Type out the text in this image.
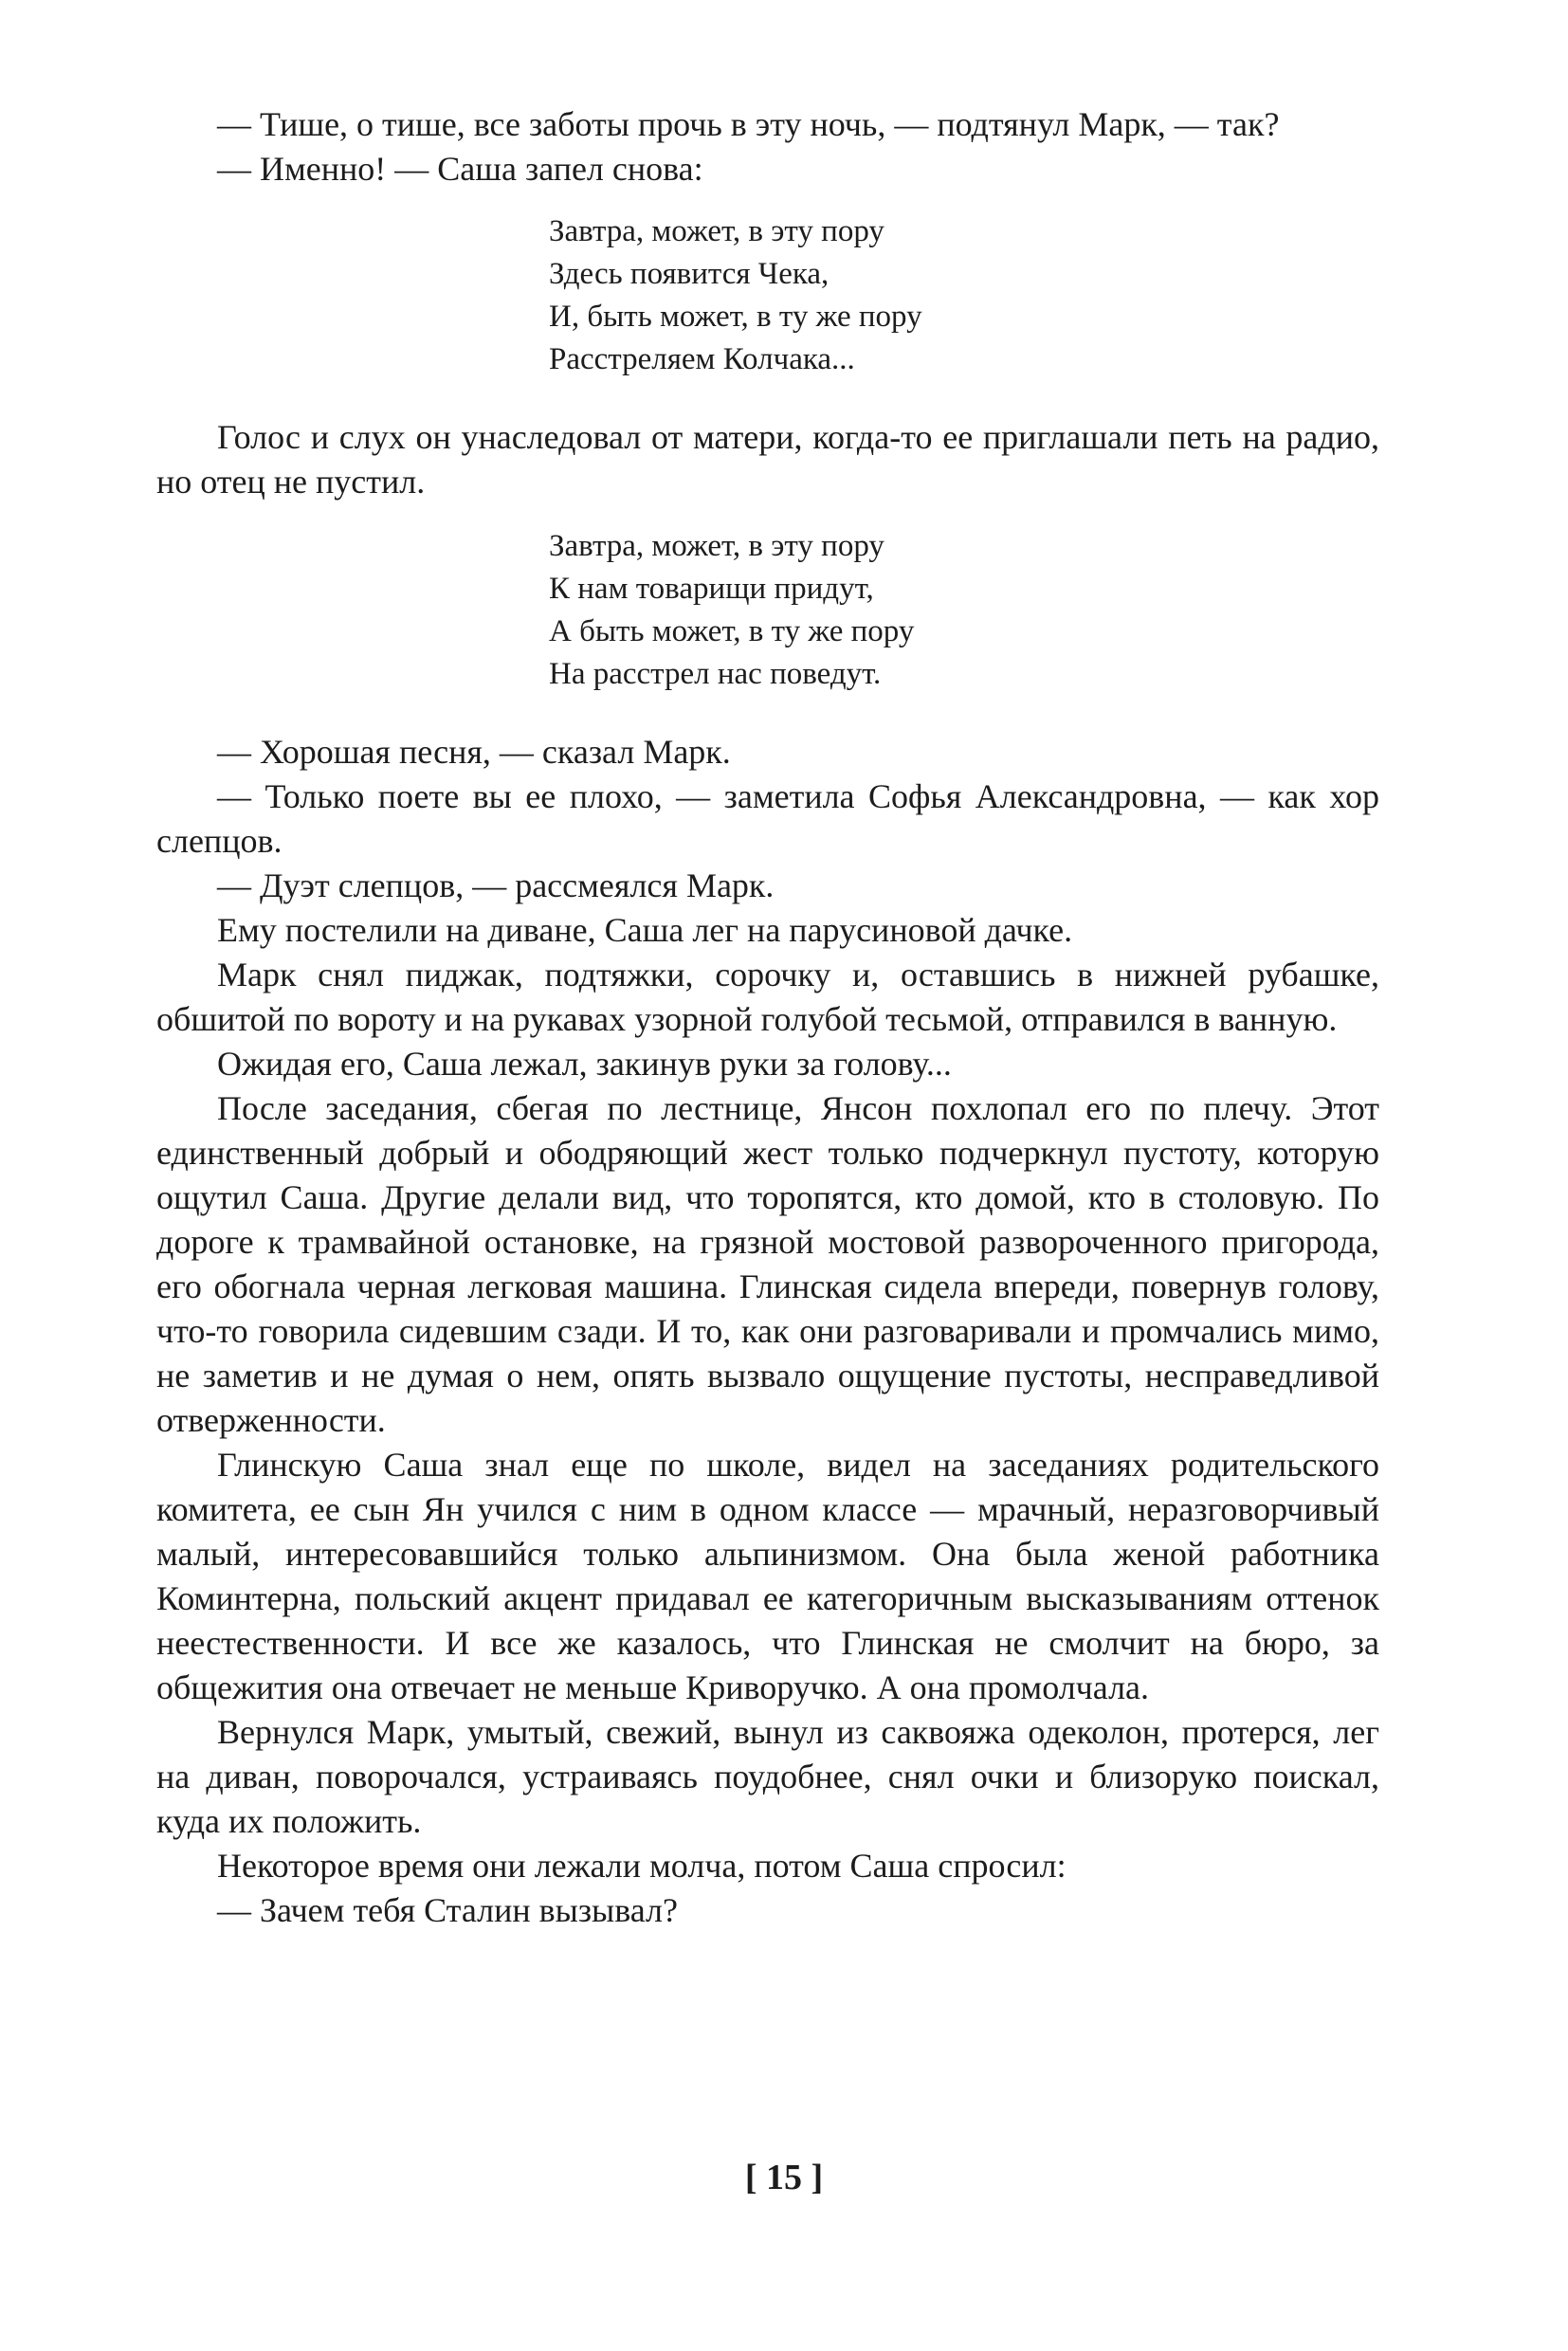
— Тише, о тише, все заботы прочь в эту ночь, — подтянул Марк, — так?

— Именно! — Саша запел снова:

Завтра, может, в эту пору
Здесь появится Чека,
И, быть может, в ту же пору
Расстреляем Колчака...

Голос и слух он унаследовал от матери, когда-то ее приглашали петь на радио, но отец не пустил.

Завтра, может, в эту пору
К нам товарищи придут,
А быть может, в ту же пору
На расстрел нас поведут.

— Хорошая песня, — сказал Марк.

— Только поете вы ее плохо, — заметила Софья Александровна, — как хор слепцов.

— Дуэт слепцов, — рассмеялся Марк.

Ему постелили на диване, Саша лег на парусиновой дачке.

Марк снял пиджак, подтяжки, сорочку и, оставшись в нижней рубашке, обшитой по вороту и на рукавах узорной голубой тесьмой, отправился в ванную.

Ожидая его, Саша лежал, закинув руки за голову...

После заседания, сбегая по лестнице, Янсон похлопал его по плечу. Этот единственный добрый и ободряющий жест только подчеркнул пустоту, которую ощутил Саша. Другие делали вид, что торопятся, кто домой, кто в столовую. По дороге к трамвайной остановке, на грязной мостовой развороченного пригорода, его обогнала черная легковая машина. Глинская сидела впереди, повернув голову, что-то говорила сидевшим сзади. И то, как они разговаривали и промчались мимо, не заметив и не думая о нем, опять вызвало ощущение пустоты, несправедливой отверженности.

Глинскую Саша знал еще по школе, видел на заседаниях родительского комитета, ее сын Ян учился с ним в одном классе — мрачный, неразговорчивый малый, интересовавшийся только альпинизмом. Она была женой работника Коминтерна, польский акцент придавал ее категоричным высказываниям оттенок неестественности. И все же казалось, что Глинская не смолчит на бюро, за общежития она отвечает не меньше Криворучко. А она промолчала.

Вернулся Марк, умытый, свежий, вынул из саквояжа одеколон, протерся, лег на диван, поворочался, устраиваясь поудобнее, снял очки и близоруко поискал, куда их положить.

Некоторое время они лежали молча, потом Саша спросил:

— Зачем тебя Сталин вызывал?

[ 15 ]
